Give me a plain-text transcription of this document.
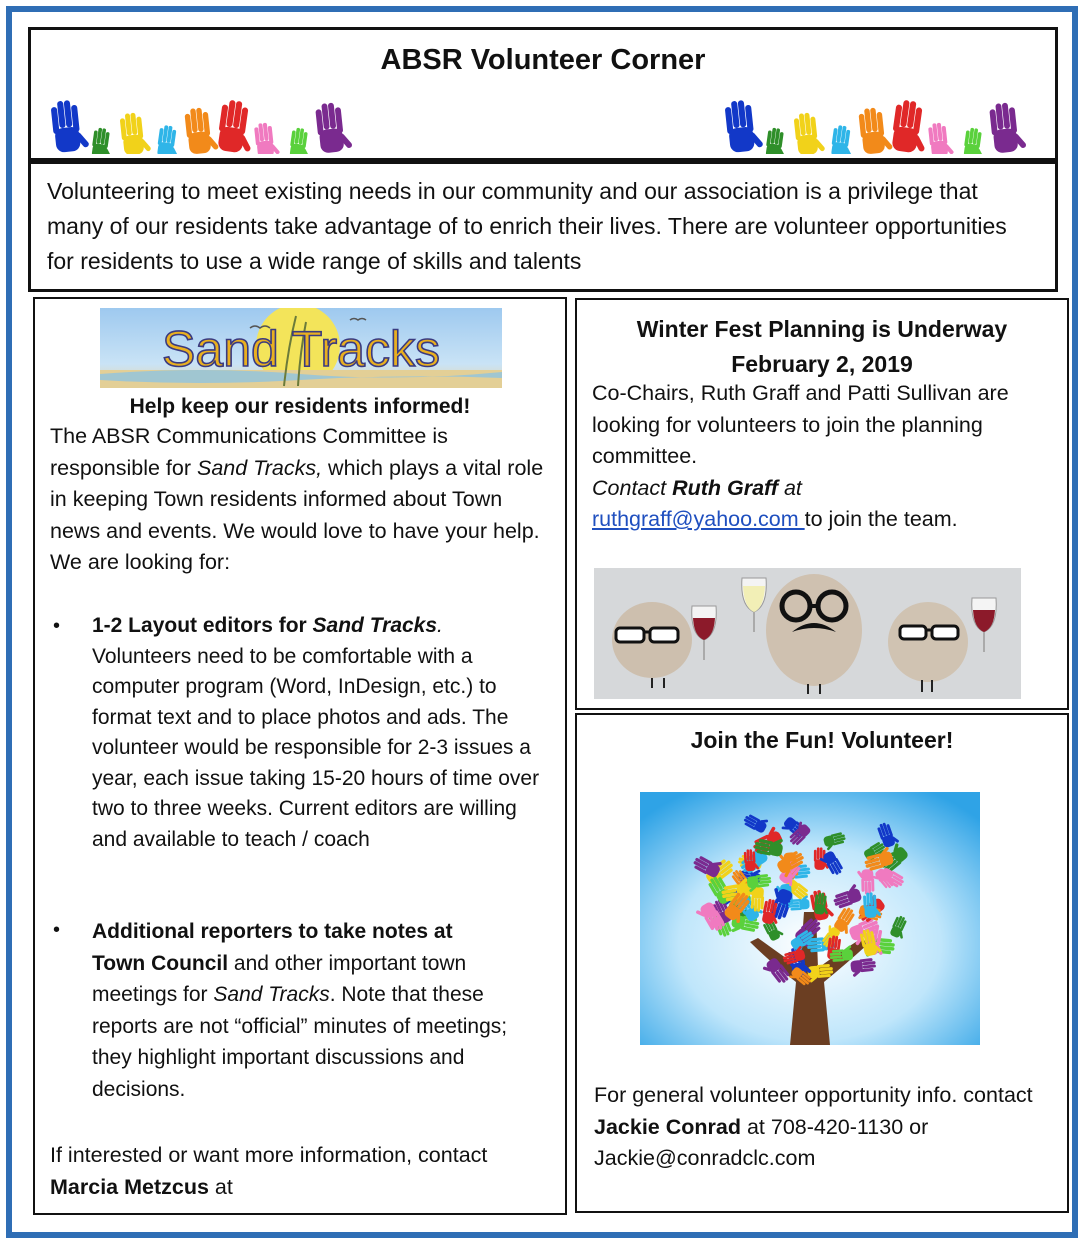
ABSR Volunteer Corner
Volunteering to meet existing needs in our community and our association is a privilege that many of our residents take advantage of to enrich their lives. There are volunteer opportunities for residents to use a wide range of skills and talents
Sand Tracks
Help keep our residents informed!
The ABSR Communications Committee is responsible for Sand Tracks, which plays a vital role in keeping Town residents informed about Town news and events. We would love to have your help. We are looking for:
• 1-2 Layout editors for Sand Tracks.
Volunteers need to be comfortable with a computer program (Word, InDesign, etc.) to format text and to place photos and ads. The volunteer would be responsible for 2-3 issues a year, each issue taking 15-20 hours of time over two to three weeks. Current editors are willing and available to teach / coach
• Additional reporters to take notes at
Town Council and other important town meetings for Sand Tracks. Note that these reports are not “official” minutes of meetings; they highlight important discussions and decisions.
If interested or want more information, contact Marcia Metzcus at
Winter Fest Planning is Underway
February 2, 2019
Co-Chairs, Ruth Graff and Patti Sullivan are looking for volunteers to join the planning committee.
Contact Ruth Graff at
ruthgraff@yahoo.com to join the team.
Join the Fun! Volunteer!
For general volunteer opportunity info. contact Jackie Conrad at 708-420-1130 or Jackie@conradclc.com
